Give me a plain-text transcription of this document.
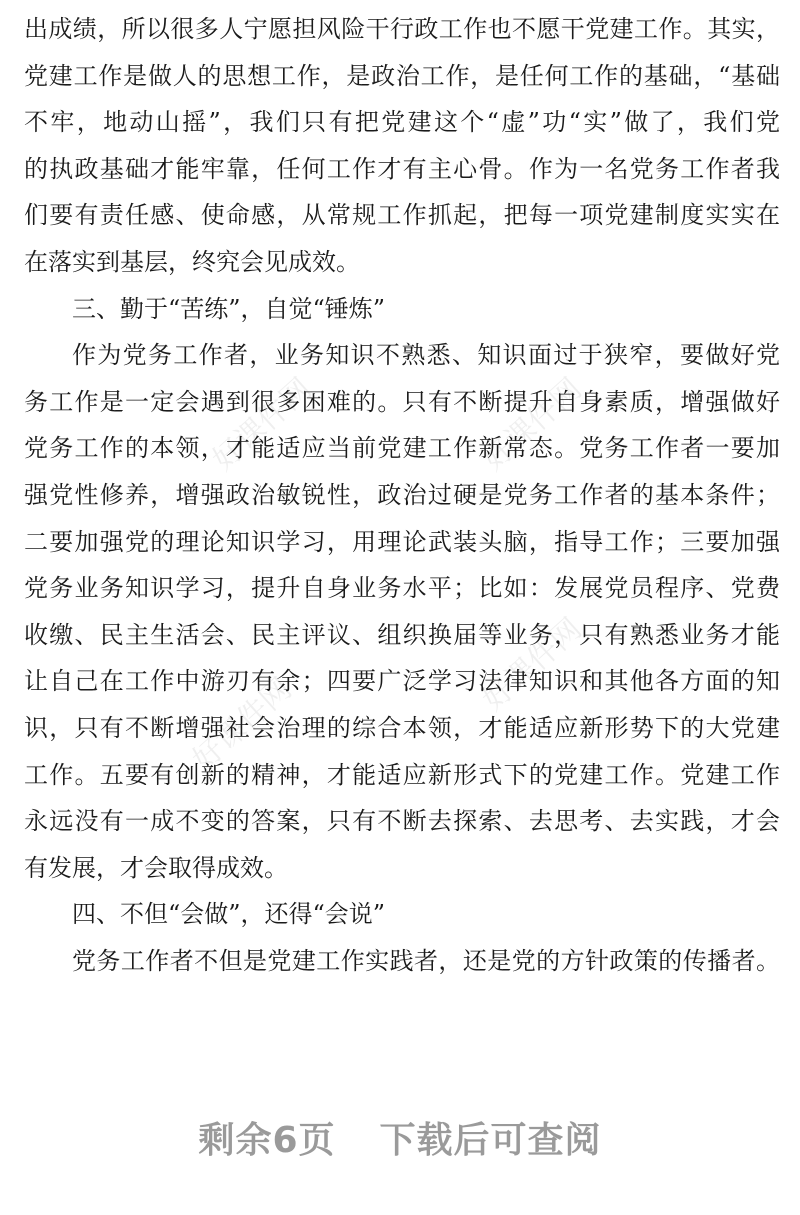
好课件网	好课件网
好课件网
好课件网
出成绩，所以很多人宁愿担风险干行政工作也不愿干党建工作。其实，
党建工作是做人的思想工作，是政治工作，是任何工作的基础，“基础
不牢，地动山摇”，我们只有把党建这个“虚”功“实”做了，我们党
的执政基础才能牢靠，任何工作才有主心骨。作为一名党务工作者我
们要有责任感、使命感，从常规工作抓起，把每一项党建制度实实在
在落实到基层，终究会见成效。
三、勤于“苦练”，自觉“锤炼”
作为党务工作者，业务知识不熟悉、知识面过于狭窄，要做好党
务工作是一定会遇到很多困难的。只有不断提升自身素质，增强做好
党务工作的本领，才能适应当前党建工作新常态。党务工作者一要加
强党性修养，增强政治敏锐性，政治过硬是党务工作者的基本条件；
二要加强党的理论知识学习，用理论武装头脑，指导工作；三要加强
党务业务知识学习，提升自身业务水平；比如：发展党员程序、党费
收缴、民主生活会、民主评议、组织换届等业务，只有熟悉业务才能
让自己在工作中游刃有余；四要广泛学习法律知识和其他各方面的知
识，只有不断增强社会治理的综合本领，才能适应新形势下的大党建
工作。五要有创新的精神，才能适应新形式下的党建工作。党建工作
永远没有一成不变的答案，只有不断去探索、去思考、去实践，才会
有发展，才会取得成效。
四、不但“会做”，还得“会说”
党务工作者不但是党建工作实践者，还是党的方针政策的传播者。
剩余6页 下载后可查阅
